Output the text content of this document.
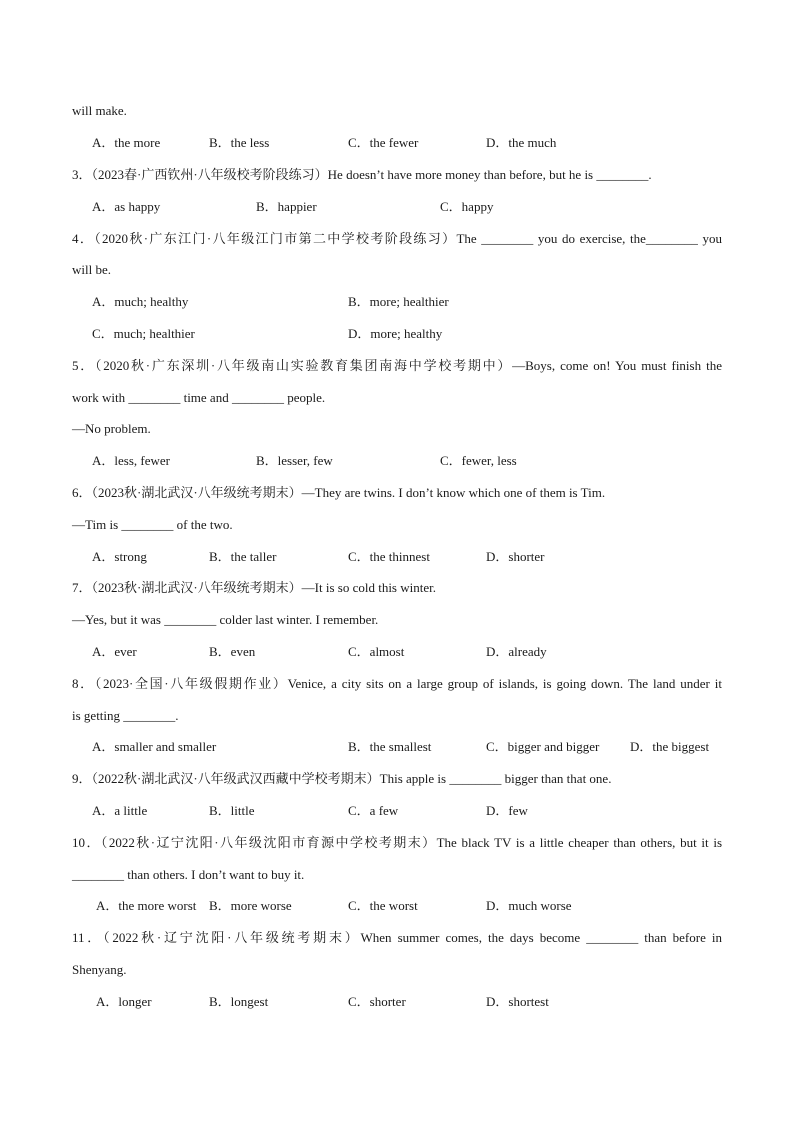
will make.
A．the more	B．the less	C．the fewer	D．the much
3．（2023春·广西钦州·八年级校考阶段练习）He doesn’t have more money than before, but he is ________.
A．as happy	B．happier	C．happy
4．（2020秋·广东江门·八年级江门市第二中学校考阶段练习）The ________ you do exercise, the________ you
will be.
A．much; healthy	B．more; healthier
C．much; healthier	D．more; healthy
5．（2020秋·广东深圳·八年级南山实验教育集团南海中学校考期中）—Boys, come on! You must finish the
work with ________ time and ________ people.
—No problem.
A．less, fewer	B．lesser, few	C．fewer, less
6．（2023秋·湖北武汉·八年级统考期末）—They are twins. I don’t know which one of them is Tim.
—Tim is ________ of the two.
A．strong	B．the taller	C．the thinnest	D．shorter
7．（2023秋·湖北武汉·八年级统考期末）—It is so cold this winter.
—Yes, but it was ________ colder last winter. I remember.
A．ever	B．even	C．almost	D．already
8．（2023·全国·八年级假期作业）Venice, a city sits on a large group of islands, is going down. The land under it
is getting ________.
A．smaller and smaller	B．the smallest	C．bigger and bigger D．the biggest
9．（2022秋·湖北武汉·八年级武汉西藏中学校考期末）This apple is ________ bigger than that one.
A．a little	B．little	C．a few	D．few
10．（2022秋·辽宁沈阳·八年级沈阳市育源中学校考期末）The black TV is a little cheaper than others, but it is
________ than others. I don’t want to buy it.
A．the more worst B．more worse	C．the worst	D．much worse
11．（2022秋·辽宁沈阳·八年级统考期末）When summer comes, the days become ________ than before in
Shenyang.
A．longer	B．longest	C．shorter	D．shortest
